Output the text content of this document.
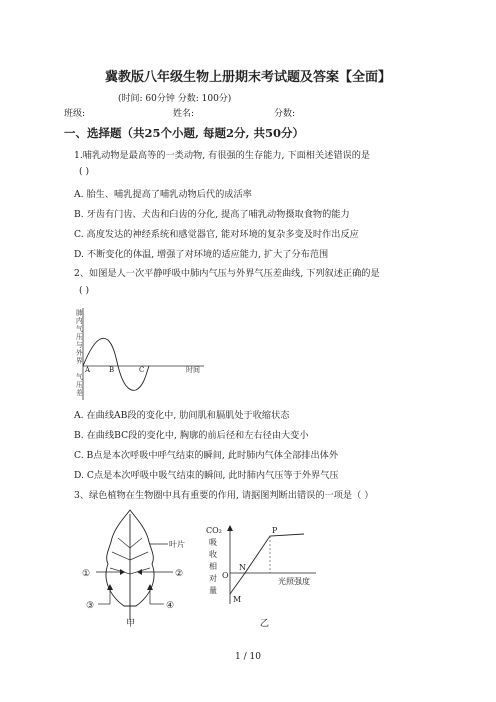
冀教版八年级生物上册期末考试题及答案【全面】
(时间: 60分钟 分数: 100分)
班级:	姓名:	分数:
一、选择题（共25个小题, 每题2分, 共50分）
1.哺乳动物是最高等的一类动物, 有很强的生存能力, 下面相关述错误的是
( )
A. 胎生、哺乳提高了哺乳动物后代的成活率
B. 牙齿有门齿、犬齿和臼齿的分化, 提高了哺乳动物摄取食物的能力
C. 高度发达的神经系统和感觉器官, 能对环境的复杂多变及时作出反应
D. 不断变化的体温, 增强了对环境的适应能力, 扩大了分布范围
2、如图是人一次平静呼吸中肺内气压与外界气压差曲线, 下列叙述正确的是
( )
肺
内
气
压
与
外
界
气
压
差
A	B	C	时间
A. 在曲线AB段的变化中, 肋间肌和膈肌处于收缩状态
B. 在曲线BC段的变化中, 胸廓的前后径和左右径由大变小
C. B点是本次呼吸中呼气结束的瞬间, 此时肺内气体全部排出体外
D. C点是本次呼吸中吸气结束的瞬间, 此时肺内气压等于外界气压
3、绿色植物在生物圈中具有重要的作用, 请据图判断出错误的一项是（ ）
叶片
①	②
③	④
甲
CO₂
吸
收
相
对
量
P
N
O
M
光照强度
乙
1 / 10
